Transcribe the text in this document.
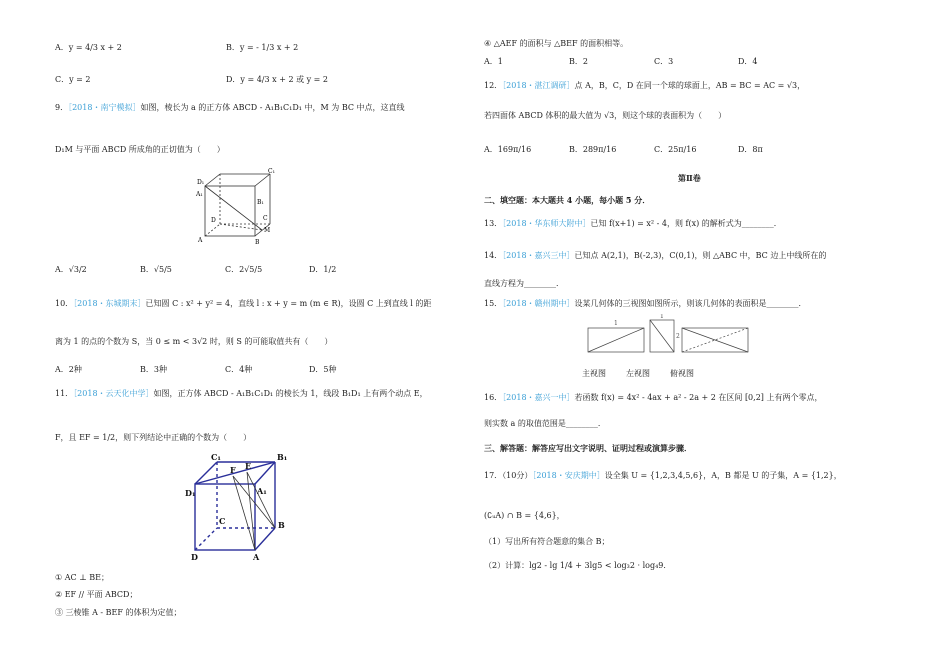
A．y = 4/3 x + 2	B．y = - 1/3 x + 2
C．y = 2	D．y = 4/3 x + 2 或 y = 2
9．［2018・南宁模拟］如图，棱长为 a 的正方体 ABCD - A₁B₁C₁D₁ 中，M 为 BC 中点，这直线
D₁M 与平面 ABCD 所成角的正切值为（　　）
D₁
A₁
B₁
C₁
D	C
M
A	B
A．√3/2	B．√5/5	C．2√5/5	D．1/2
10．［2018・东城期末］已知圆 C : x² + y² = 4，直线 l : x + y = m (m ∈ R)，设圆 C 上到直线 l 的距
离为 1 的点的个数为 S，当 0 ≤ m < 3√2 时，则 S 的可能取值共有（　　）
A．2种	B．3种	C．4种	D．5种
11．［2018・云天化中学］如图，正方体 ABCD - A₁B₁C₁D₁ 的棱长为 1，线段 B₁D₁ 上有两个动点 E，
F，且 EF = 1/2，则下列结论中正确的个数为（　　）
C₁
F E
B₁
D₁	A₁
C	B
D	A
① AC ⊥ BE；
② EF // 平面 ABCD；
③ 三棱锥 A - BEF 的体积为定值；
④ △AEF 的面积与 △BEF 的面积相等。
A．1	B．2	C．3	D．4
12．［2018・湛江调研］点 A，B，C，D 在同一个球的球面上，AB = BC = AC = √3，
若四面体 ABCD 体积的最大值为 √3，则这个球的表面积为（　　）
A．169π/16	B．289π/16	C．25π/16	D．8π
第Ⅱ卷
二、填空题：本大题共 4 小题，每小题 5 分．
13．［2018・华东师大附中］已知 f(x+1) = x² - 4，则 f(x) 的解析式为________．
14．［2018・嘉兴三中］已知点 A(2,1)，B(-2,3)，C(0,1)，则 △ABC 中，BC 边上中线所在的
直线方程为________．
15．［2018・赣州期中］设某几何体的三视图如图所示，则该几何体的表面积是________．
1
2
1
主视图	左视图	俯视图
16．［2018・嘉兴一中］若函数 f(x) = 4x² - 4ax + a² - 2a + 2 在区间 [0,2] 上有两个零点，
则实数 a 的取值范围是________．
三、解答题：解答应写出文字说明、证明过程或演算步骤．
17．（10分）［2018・安庆期中］设全集 U = {1,2,3,4,5,6}，A，B 都是 U 的子集，A = {1,2}，
(∁ᵤA) ∩ B = {4,6}，
（1）写出所有符合题意的集合 B；
（2）计算：lg2 - lg 1/4 + 3lg5 < log₃2 · log₄9．
